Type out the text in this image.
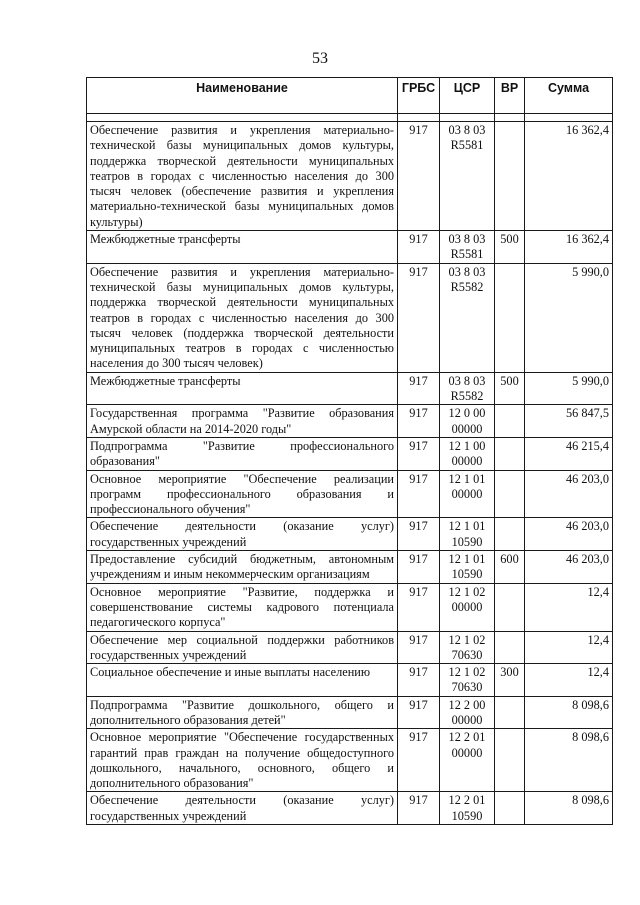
53
Наименование	ГРБС	ЦСР	ВР	Сумма

Обеспечение развития и укрепления материально-технической базы муниципальных домов культуры, поддержка творческой деятельности муниципальных театров в городах с численностью населения до 300 тысяч человек (обеспечение развития и укрепления материально-технической базы муниципальных домов культуры)	917	03 8 03 R5581		16 362,4
Межбюджетные трансферты	917	03 8 03 R5581	500	16 362,4
Обеспечение развития и укрепления материально-технической базы муниципальных домов культуры, поддержка творческой деятельности муниципальных театров в городах с численностью населения до 300 тысяч человек (поддержка творческой деятельности муниципальных театров в городах с численностью населения до 300 тысяч человек)	917	03 8 03 R5582		5 990,0
Межбюджетные трансферты	917	03 8 03 R5582	500	5 990,0
Государственная программа "Развитие образования Амурской области на 2014-2020 годы"	917	12 0 00 00000		56 847,5
Подпрограмма "Развитие профессионального образования"	917	12 1 00 00000		46 215,4
Основное мероприятие "Обеспечение реализации программ профессионального образования и профессионального обучения"	917	12 1 01 00000		46 203,0
Обеспечение деятельности (оказание услуг) государственных учреждений	917	12 1 01 10590		46 203,0
Предоставление субсидий бюджетным, автономным учреждениям и иным некоммерческим организациям	917	12 1 01 10590	600	46 203,0
Основное мероприятие "Развитие, поддержка и совершенствование системы кадрового потенциала педагогического корпуса"	917	12 1 02 00000		12,4
Обеспечение мер социальной поддержки работников государственных учреждений	917	12 1 02 70630		12,4
Социальное обеспечение и иные выплаты населению	917	12 1 02 70630	300	12,4
Подпрограмма "Развитие дошкольного, общего и дополнительного образования детей"	917	12 2 00 00000		8 098,6
Основное мероприятие "Обеспечение государственных гарантий прав граждан на получение общедоступного дошкольного, начального, основного, общего и дополнительного образования"	917	12 2 01 00000		8 098,6
Обеспечение деятельности (оказание услуг) государственных учреждений	917	12 2 01 10590		8 098,6
